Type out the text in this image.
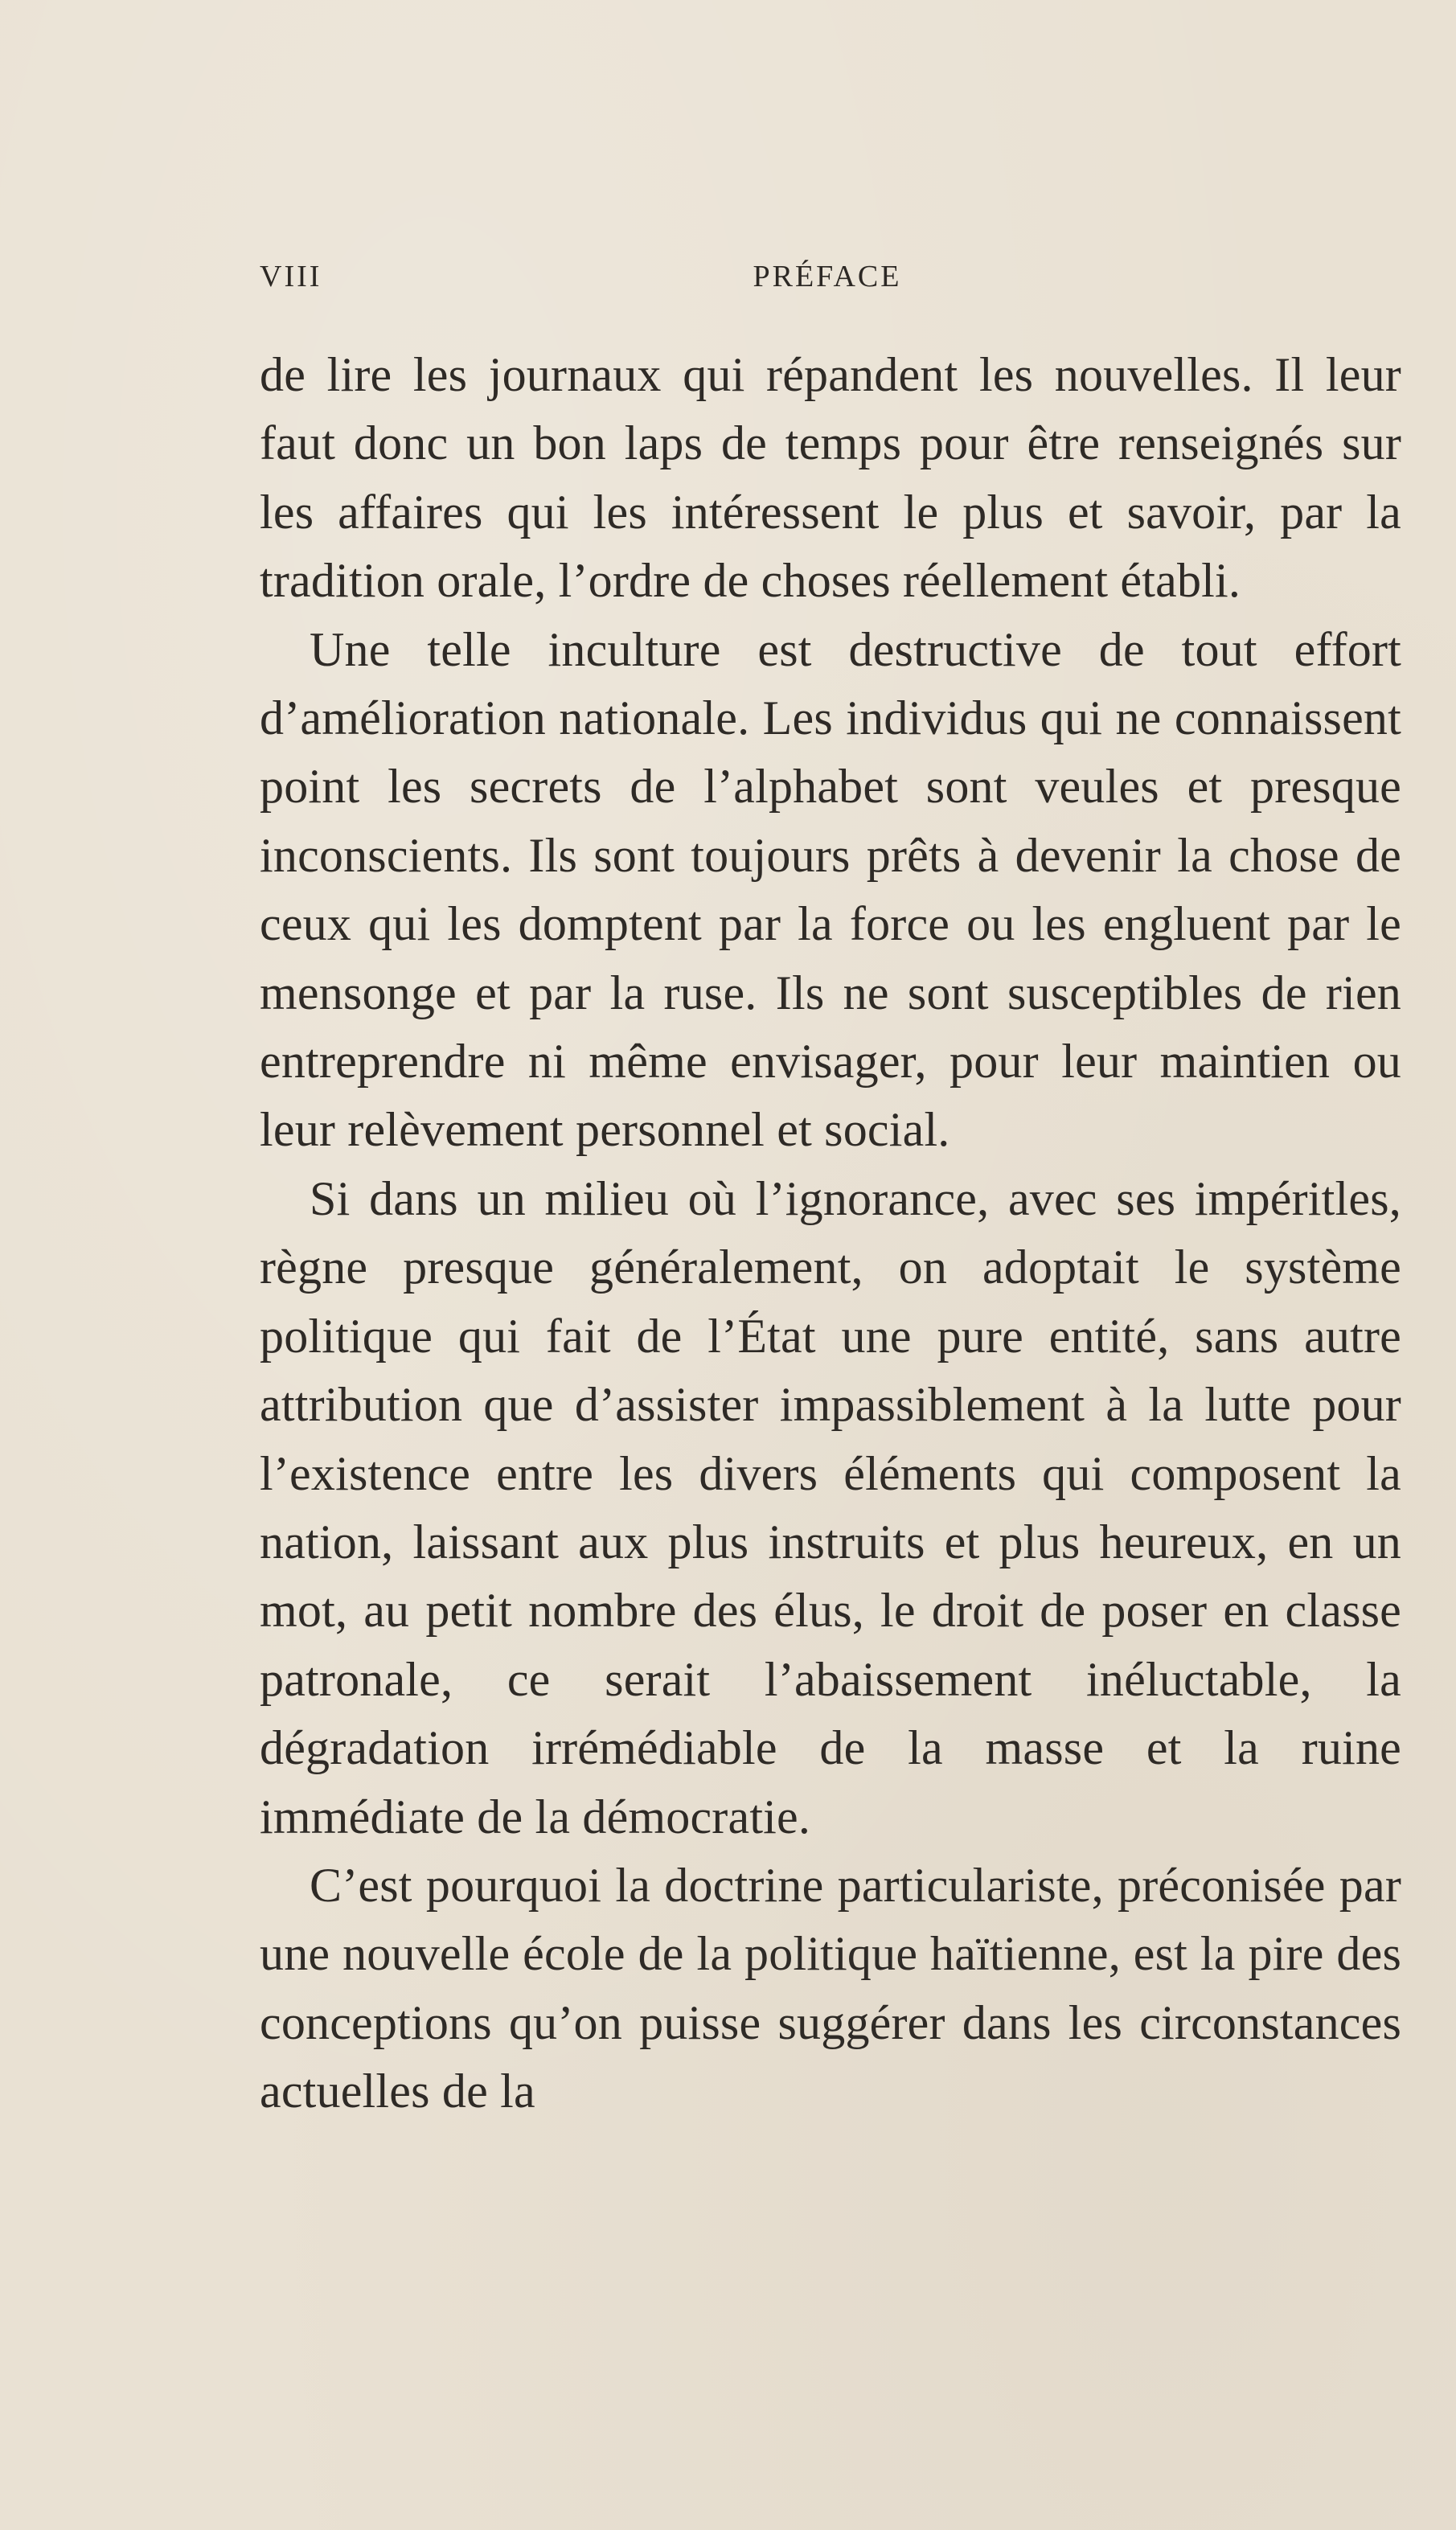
VIII	PRÉFACE

de lire les journaux qui répandent les nouvelles. Il leur faut donc un bon laps de temps pour être renseignés sur les affaires qui les intéressent le plus et savoir, par la tradition orale, l’ordre de choses réellement établi.

Une telle inculture est destructive de tout effort d’amélioration nationale. Les individus qui ne connaissent point les secrets de l’alphabet sont veules et presque inconscients. Ils sont toujours prêts à devenir la chose de ceux qui les domptent par la force ou les engluent par le mensonge et par la ruse. Ils ne sont susceptibles de rien entreprendre ni même envisager, pour leur maintien ou leur relèvement personnel et social.

Si dans un milieu où l’ignorance, avec ses impéritles, règne presque généralement, on adoptait le système politique qui fait de l’État une pure entité, sans autre attribution que d’assister impassiblement à la lutte pour l’existence entre les divers éléments qui composent la nation, laissant aux plus instruits et plus heureux, en un mot, au petit nombre des élus, le droit de poser en classe patronale, ce serait l’abaissement inéluctable, la dégradation irrémédiable de la masse et la ruine immédiate de la démocratie.

C’est pourquoi la doctrine particulariste, préconisée par une nouvelle école de la politique haïtienne, est la pire des conceptions qu’on puisse suggérer dans les circonstances actuelles de la
